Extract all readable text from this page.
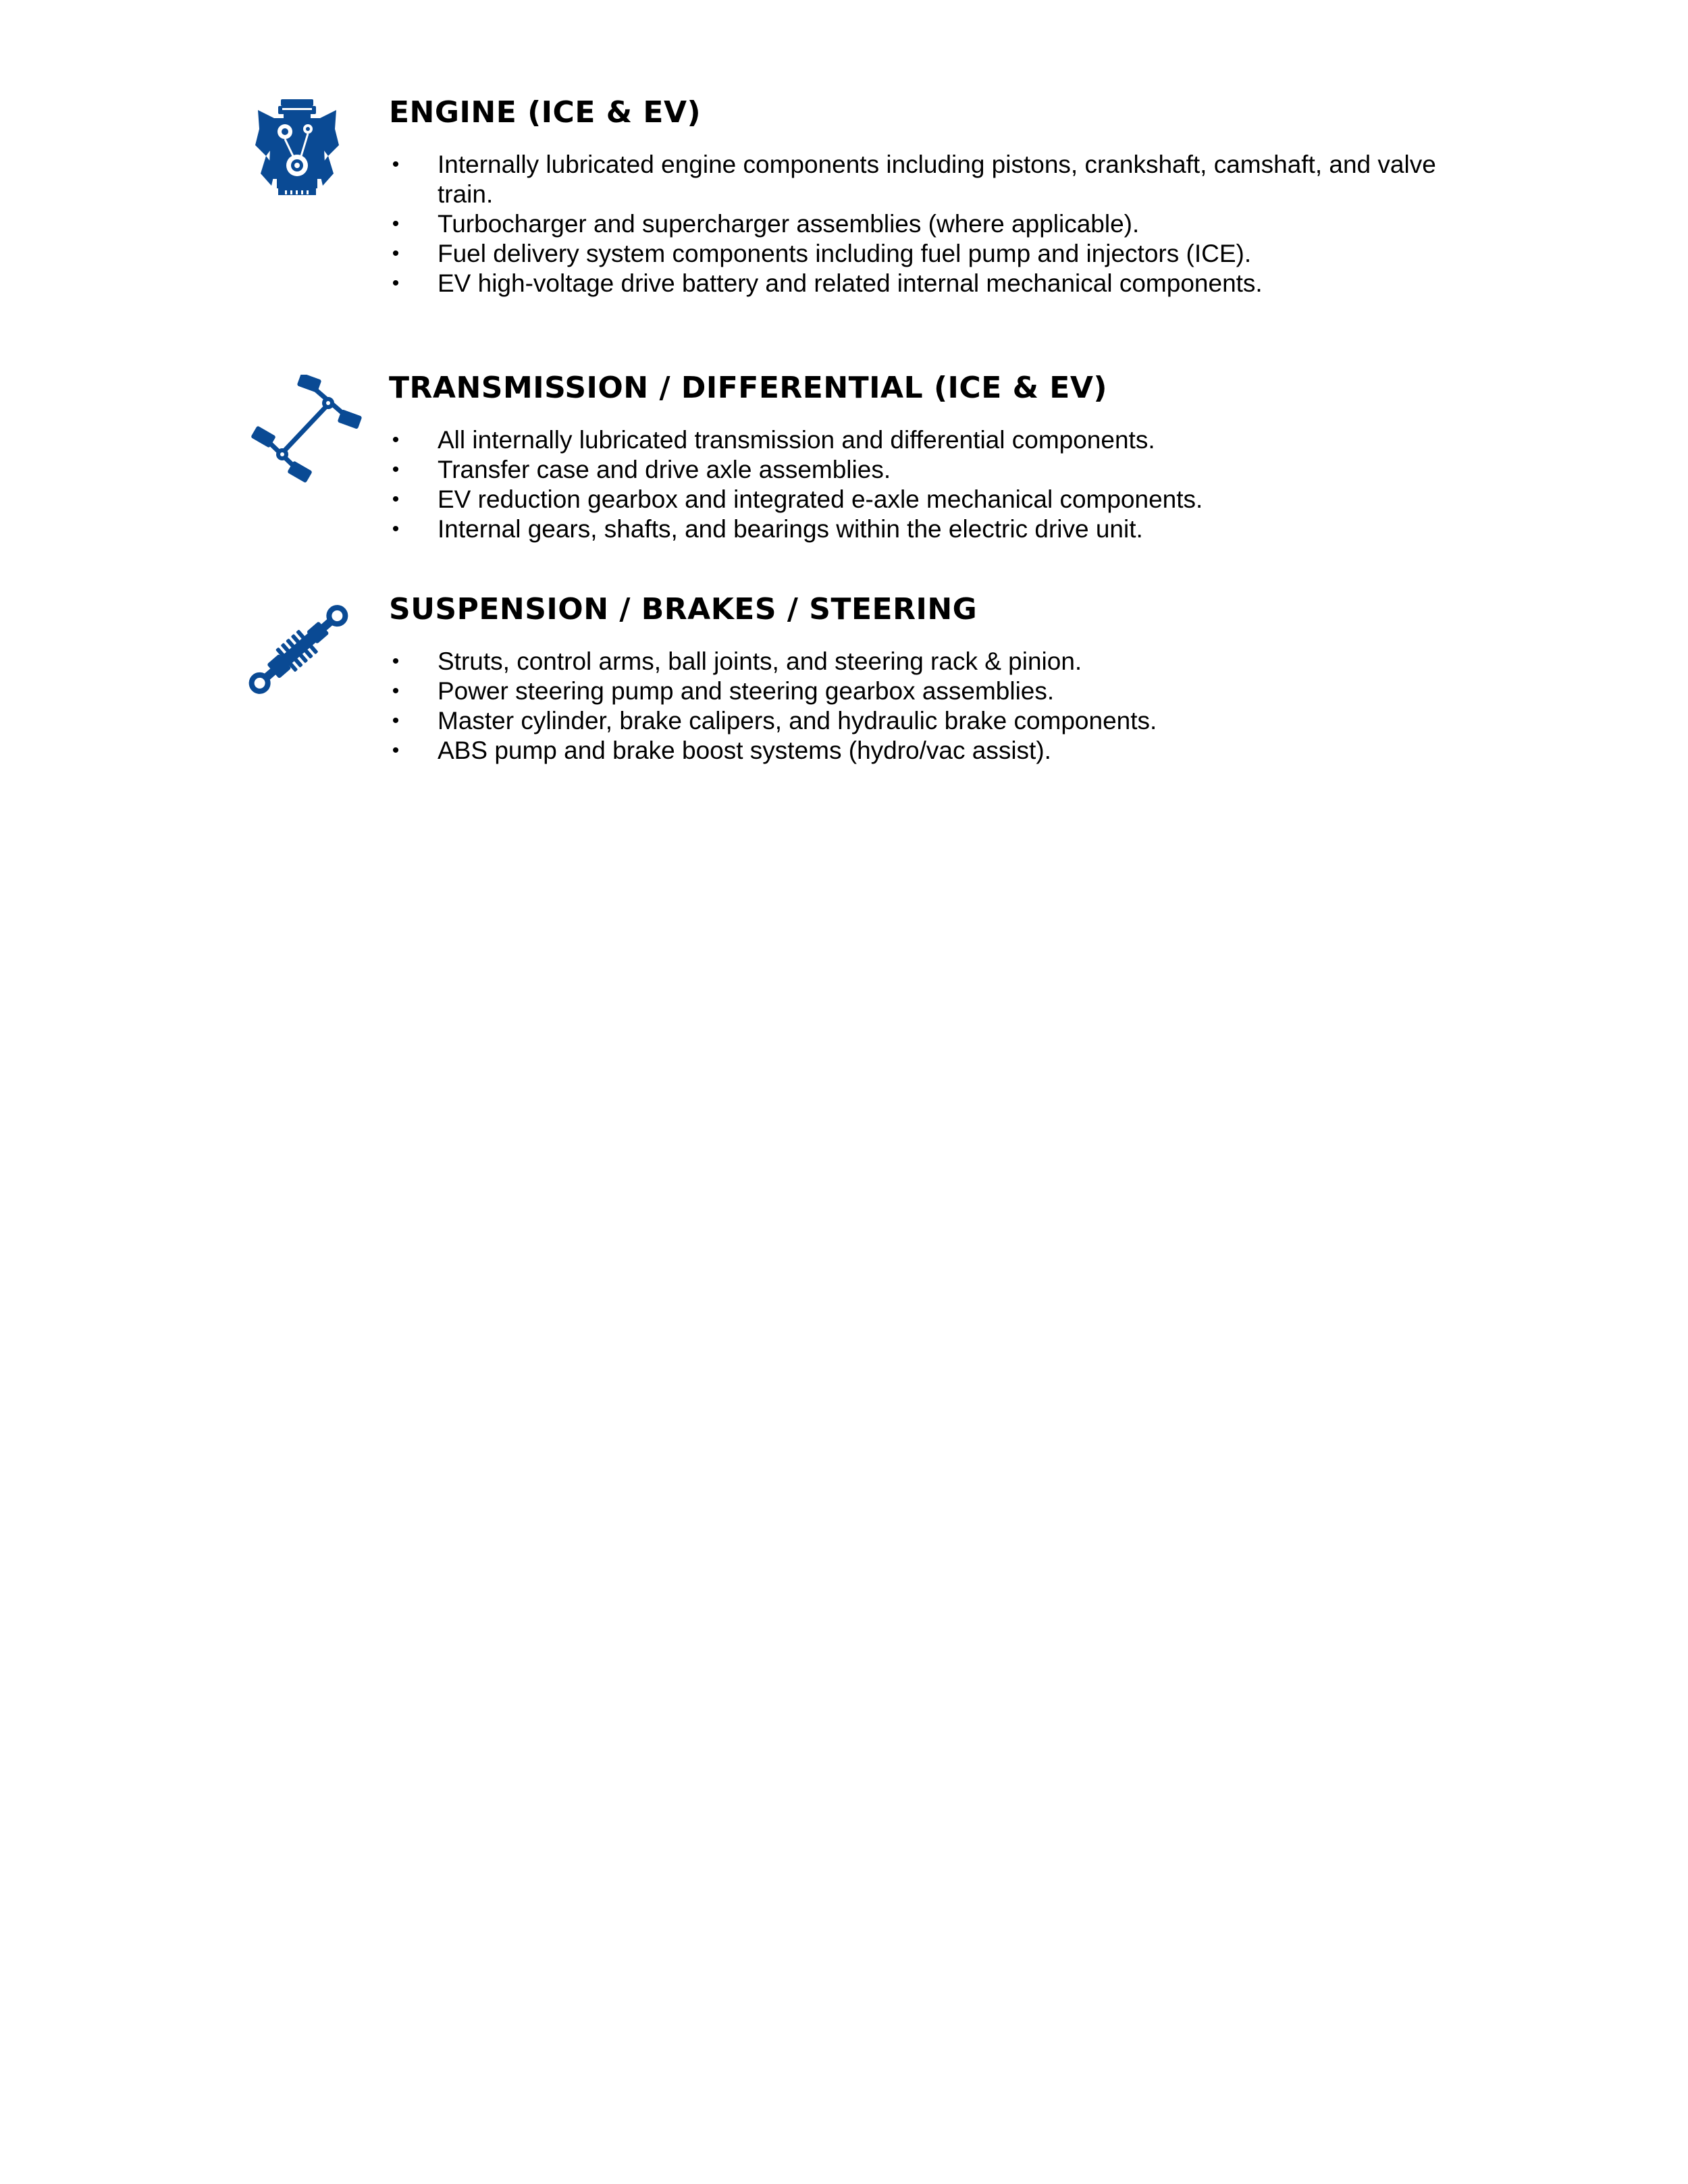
ENGINE (ICE & EV)
• Internally lubricated engine components including pistons, crankshaft, camshaft, and valve train.
• Turbocharger and supercharger assemblies (where applicable).
• Fuel delivery system components including fuel pump and injectors (ICE).
• EV high-voltage drive battery and related internal mechanical components.
TRANSMISSION / DIFFERENTIAL (ICE & EV)
• All internally lubricated transmission and differential components.
• Transfer case and drive axle assemblies.
• EV reduction gearbox and integrated e-axle mechanical components.
• Internal gears, shafts, and bearings within the electric drive unit.
SUSPENSION / BRAKES / STEERING
• Struts, control arms, ball joints, and steering rack & pinion.
• Power steering pump and steering gearbox assemblies.
• Master cylinder, brake calipers, and hydraulic brake components.
• ABS pump and brake boost systems (hydro/vac assist).
